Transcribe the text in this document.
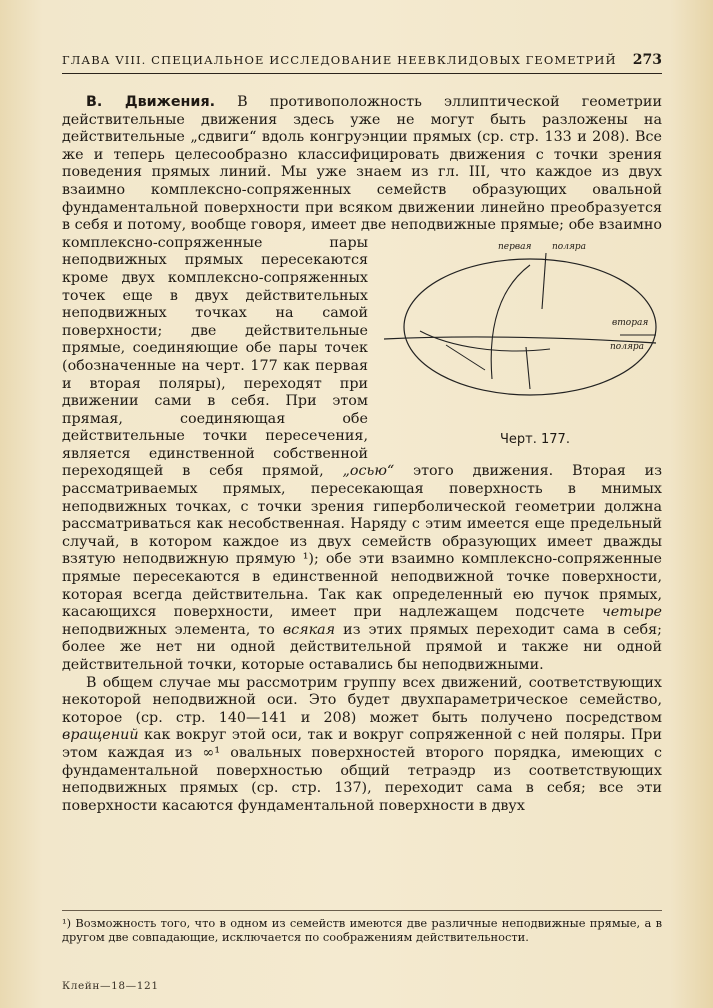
ГЛАВА VIII. СПЕЦИАЛЬНОЕ ИССЛЕДОВАНИЕ НЕЕВКЛИДОВЫХ ГЕОМЕТРИЙ 273

В. Движения. В противоположность эллиптической геометрии действительные движения здесь уже не могут быть разложены на действительные „сдвиги“ вдоль конгруэнции прямых (ср. стр. 133 и 208). Все же и теперь целесообразно классифицировать движения с точки зрения поведения прямых линий. Мы уже знаем из гл. III, что каждое из двух взаимно комплексно-сопряженных семейств образующих овальной фундаментальной поверхности при всяком движении линейно преобразуется в себя и потому, вообще говоря, имеет две неподвижные прямые;
первая поляра
вторая
поляра
Черт. 177.
обе взаимно комплексно-сопряженные пары неподвижных прямых пересекаются кроме двух комплексно-сопряженных точек еще в двух действительных неподвижных точках на самой поверхности; две действительные прямые, соединяющие обе пары точек (обозначенные на черт. 177 как первая и вторая поляры), переходят при движении сами в себя. При этом прямая, соединяющая обе действительные точки пересечения, является единственной собственной переходящей в себя прямой, „осью“ этого движения. Вторая из рассматриваемых прямых, пересекающая поверхность в мнимых неподвижных точках, с точки зрения гиперболической геометрии должна рассматриваться как несобственная. Наряду с этим имеется еще предельный случай, в котором каждое из двух семейств образующих имеет дважды взятую неподвижную прямую ¹); обе эти взаимно комплексно-сопряженные прямые пересекаются в единственной неподвижной точке поверхности, которая всегда действительна. Так как определенный ею пучок прямых, касающихся поверхности, имеет при надлежащем подсчете четыре неподвижных элемента, то всякая из этих прямых переходит сама в себя; более же нет ни одной действительной прямой и также ни одной действительной точки, которые оставались бы неподвижными.

В общем случае мы рассмотрим группу всех движений, соответствующих некоторой неподвижной оси. Это будет двухпараметрическое семейство, которое (ср. стр. 140—141 и 208) может быть получено посредством вращений как вокруг этой оси, так и вокруг сопряженной с ней поляры. При этом каждая из ∞¹ овальных поверхностей второго порядка, имеющих с фундаментальной поверхностью общий тетраэдр из соответствующих неподвижных прямых (ср. стр. 137), переходит сама в себя; все эти поверхности касаются фундаментальной поверхности в двух

¹) Возможность того, что в одном из семейств имеются две различные неподвижные прямые, а в другом две совпадающие, исключается по соображениям действительности.
Клейн—18—121
